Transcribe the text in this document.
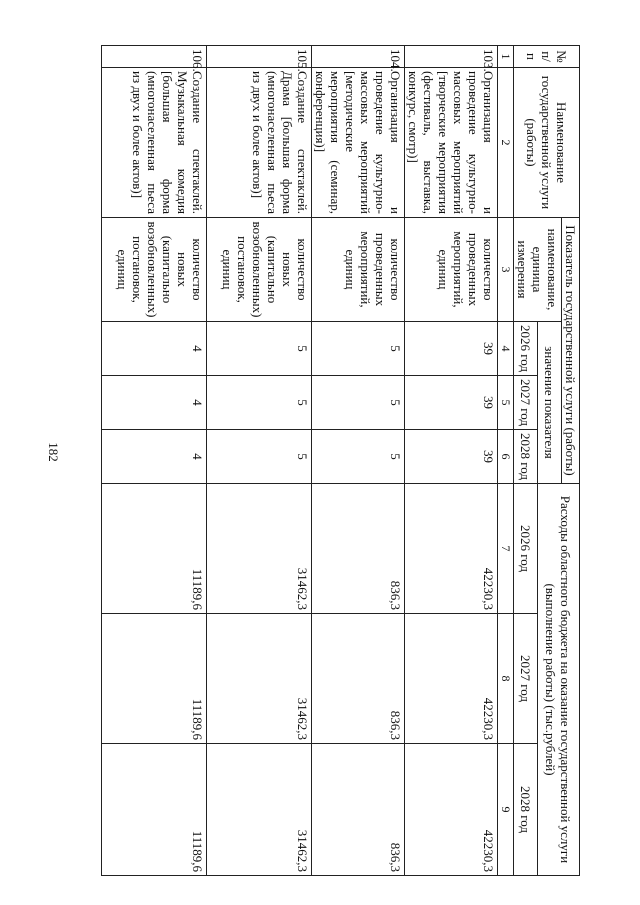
182
№ п/п	Наименование государственной услуги (работы)	Показатель государственной услуги (работы)				Расходы областного бюджета на оказание государственной услуги (выполнение работы) (тыс.рублей)		
		наименование, единица измерения	значение показателя					
			2026 год	2027 год	2028 год	2026 год	2027 год	2028 год
1	2	3	4	5	6	7	8	9
103.	Организация и проведение культурно-массовых мероприятий [творческие мероприятия (фестиваль, выставка, конкурс, смотр)]	количество проведенных мероприятий, единиц	39	39	39	42230,3	42230,3	42230,3
104.	Организация и проведение культурно-массовых мероприятий [методические мероприятия (семинар, конференция)]	количество проведенных мероприятий, единиц	5	5	5	836,3	836,3	836,3
105.	Создание спектаклей. Драма [большая форма (многонаселенная пьеса из двух и более актов)]	количество новых (капитально возобновленных) постановок, единиц	5	5	5	31462,3	31462,3	31462,3
106.	Создание спектаклей. Музыкальная комедия [большая форма (многонаселенная пьеса из двух и более актов)]	количество новых (капитально возобновленных) постановок, единиц	4	4	4	11189,6	11189,6	11189,6
